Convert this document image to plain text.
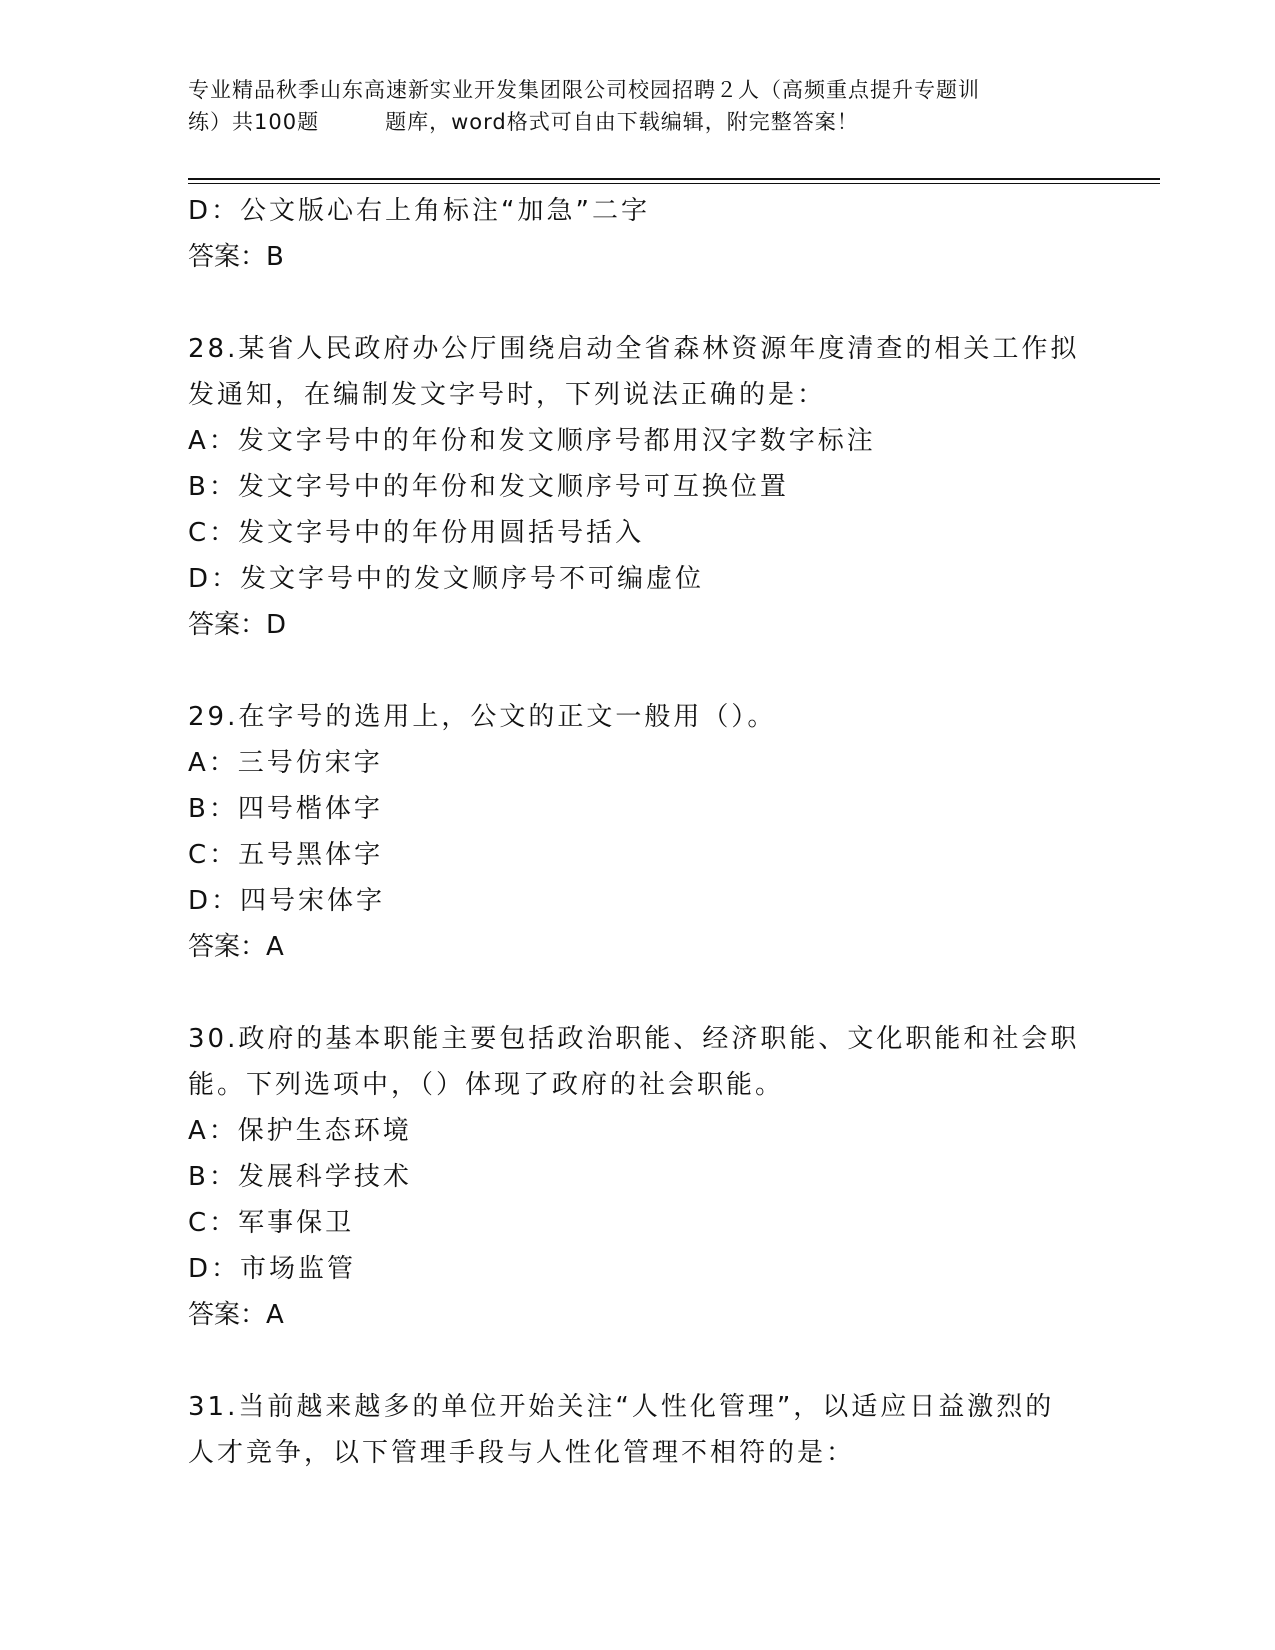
专业精品秋季山东高速新实业开发集团限公司校园招聘２人（高频重点提升专题训
练）共100题　　　题库，word格式可自由下载编辑，附完整答案！
D：公文版心右上角标注“加急”二字
答案：B
28.某省人民政府办公厅围绕启动全省森林资源年度清查的相关工作拟
发通知，在编制发文字号时，下列说法正确的是：
A：发文字号中的年份和发文顺序号都用汉字数字标注
B：发文字号中的年份和发文顺序号可互换位置
C：发文字号中的年份用圆括号括入
D：发文字号中的发文顺序号不可编虚位
答案：D
29.在字号的选用上，公文的正文一般用（）。
A：三号仿宋字
B：四号楷体字
C：五号黑体字
D：四号宋体字
答案：A
30.政府的基本职能主要包括政治职能、经济职能、文化职能和社会职
能。下列选项中，（）体现了政府的社会职能。
A：保护生态环境
B：发展科学技术
C：军事保卫
D：市场监管
答案：A
31.当前越来越多的单位开始关注“人性化管理”，以适应日益激烈的
人才竞争，以下管理手段与人性化管理不相符的是：
